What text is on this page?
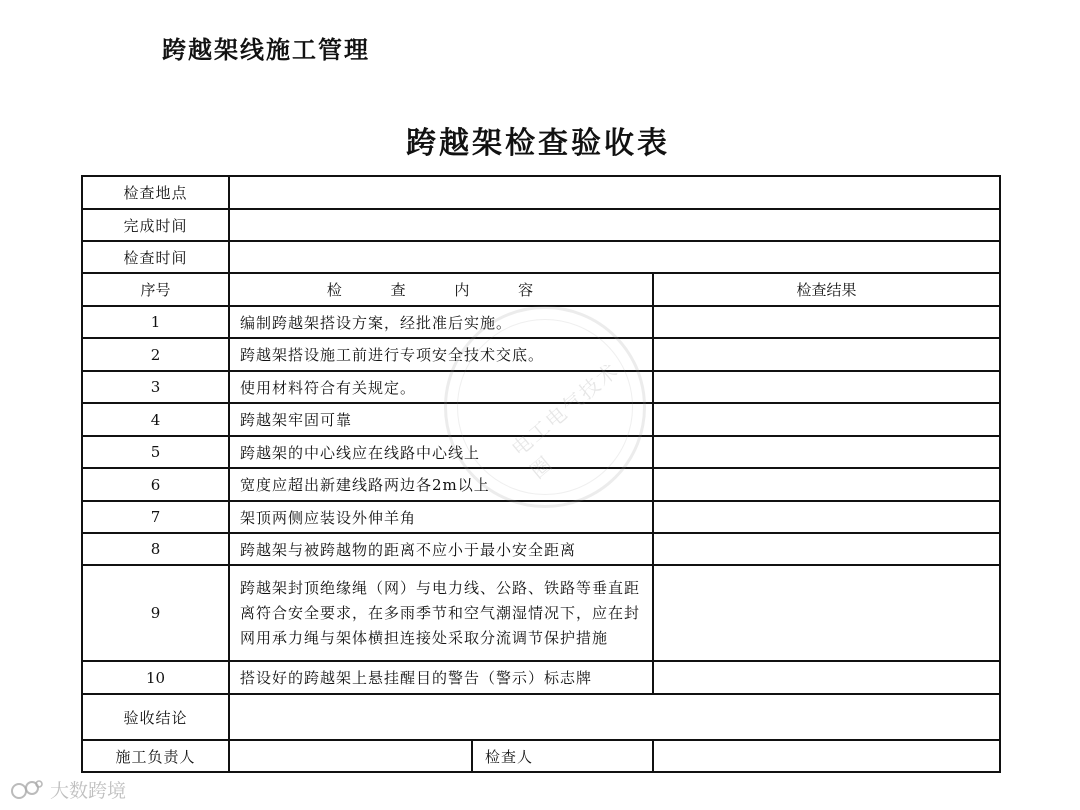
跨越架线施工管理
跨越架检查验收表
检查地点			
完成时间			
检查时间			
序号	检 查 内 容		检查结果
1	编制跨越架搭设方案，经批准后实施。		
2	跨越架搭设施工前进行专项安全技术交底。		
3	使用材料符合有关规定。		
4	跨越架牢固可靠		
5	跨越架的中心线应在线路中心线上		
6	宽度应超出新建线路两边各2m以上		
7	架顶两侧应装设外伸羊角		
8	跨越架与被跨越物的距离不应小于最小安全距离		
9	跨越架封顶绝缘绳（网）与电力线、公路、铁路等垂直距离符合安全要求，在多雨季节和空气潮湿情况下，应在封网用承力绳与架体横担连接处采取分流调节保护措施		
10	搭设好的跨越架上悬挂醒目的警告（警示）标志牌		
验收结论			
施工负责人		检查人	
电工电气技术圈
大数跨境
